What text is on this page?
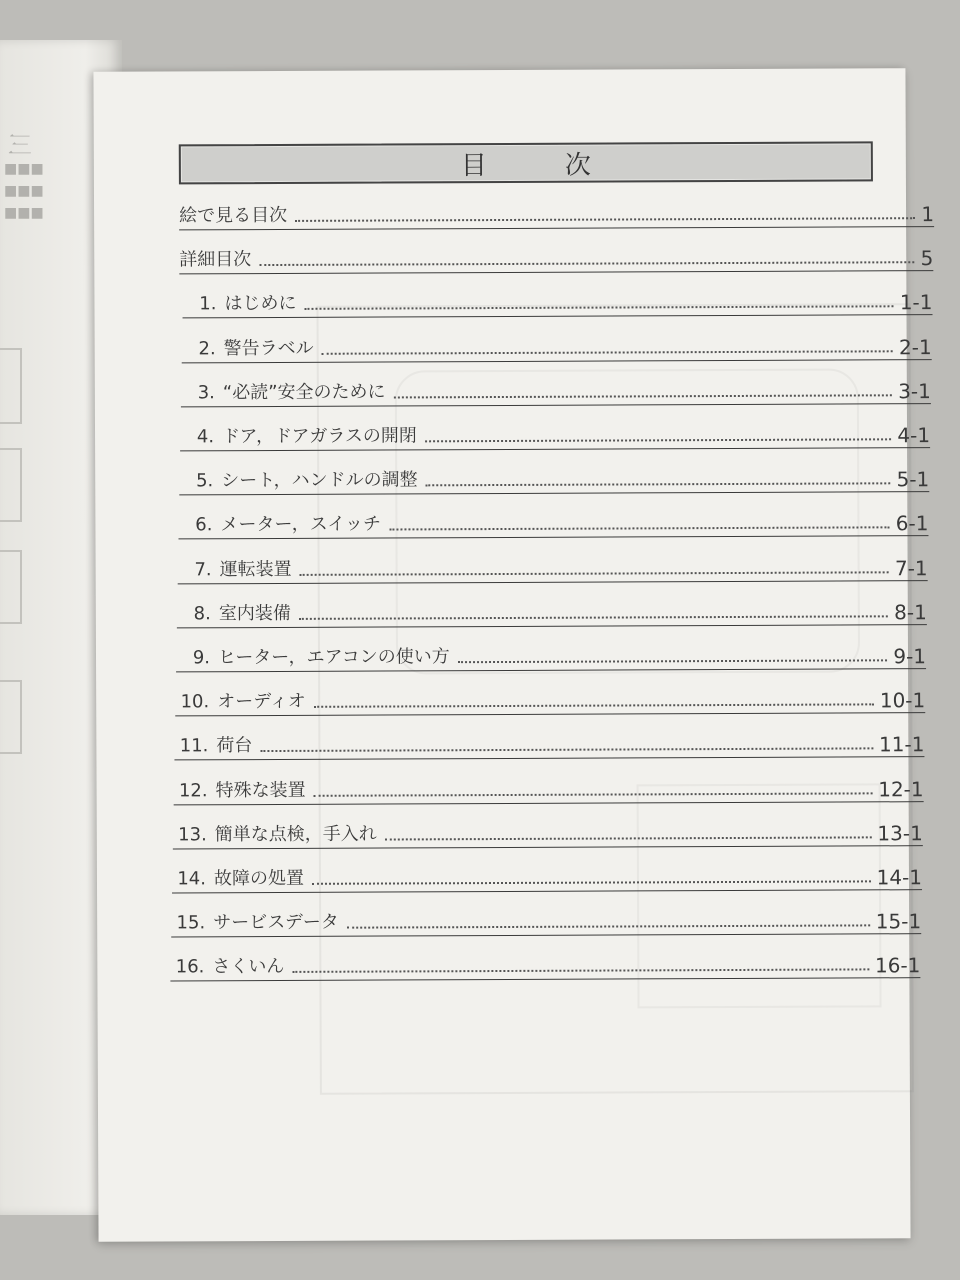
三
■■■
■■■
■■■
目次
絵で見る目次	1
詳細目次	5
1. はじめに	1-1
2. 警告ラベル	2-1
3. “必読”安全のために	3-1
4. ドア，ドアガラスの開閉	4-1
5. シート，ハンドルの調整	5-1
6. メーター，スイッチ	6-1
7. 運転装置	7-1
8. 室内装備	8-1
9. ヒーター，エアコンの使い方	9-1
10. オーディオ	10-1
11. 荷台	11-1
12. 特殊な装置	12-1
13. 簡単な点検，手入れ	13-1
14. 故障の処置	14-1
15. サービスデータ	15-1
16. さくいん	16-1
